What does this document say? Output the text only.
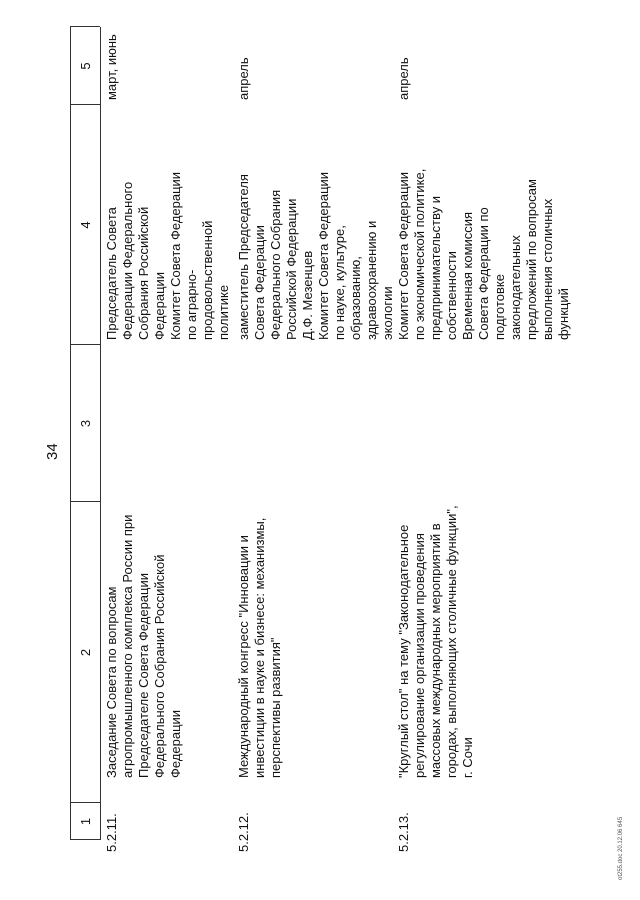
34
1
2
3
4
5
5.2.11.
Заседание Совета по вопросам агропромышленного комплекса России при Председателе Совета Федерации Федерального Собрания Российской Федерации
Председатель Совета Федерации Федерального Собрания Российской Федерации Комитет Совета Федерации по аграрно- продовольственной политике
март, июнь
5.2.12.
Международный конгресс "Инновации и инвестиции в науке и бизнесе: механизмы, перспективы развития"
заместитель Председателя Совета Федерации Федерального Собрания Российской Федерации Д.Ф. Мезенцев Комитет Совета Федерации по науке, культуре, образованию, здравоохранению и экологии
апрель
5.2.13.
"Круглый стол" на тему "Законодательное регулирование организации проведения массовых международных мероприятий в городах, выполняющих столичные функции", г. Сочи
Комитет Совета Федерации по экономической политике, предпринимательству и собственности Временная комиссия Совета Федерации по подготовке законодательных предложений по вопросам выполнения столичных функций
апрель
ot255.doc 20.12.06 645
